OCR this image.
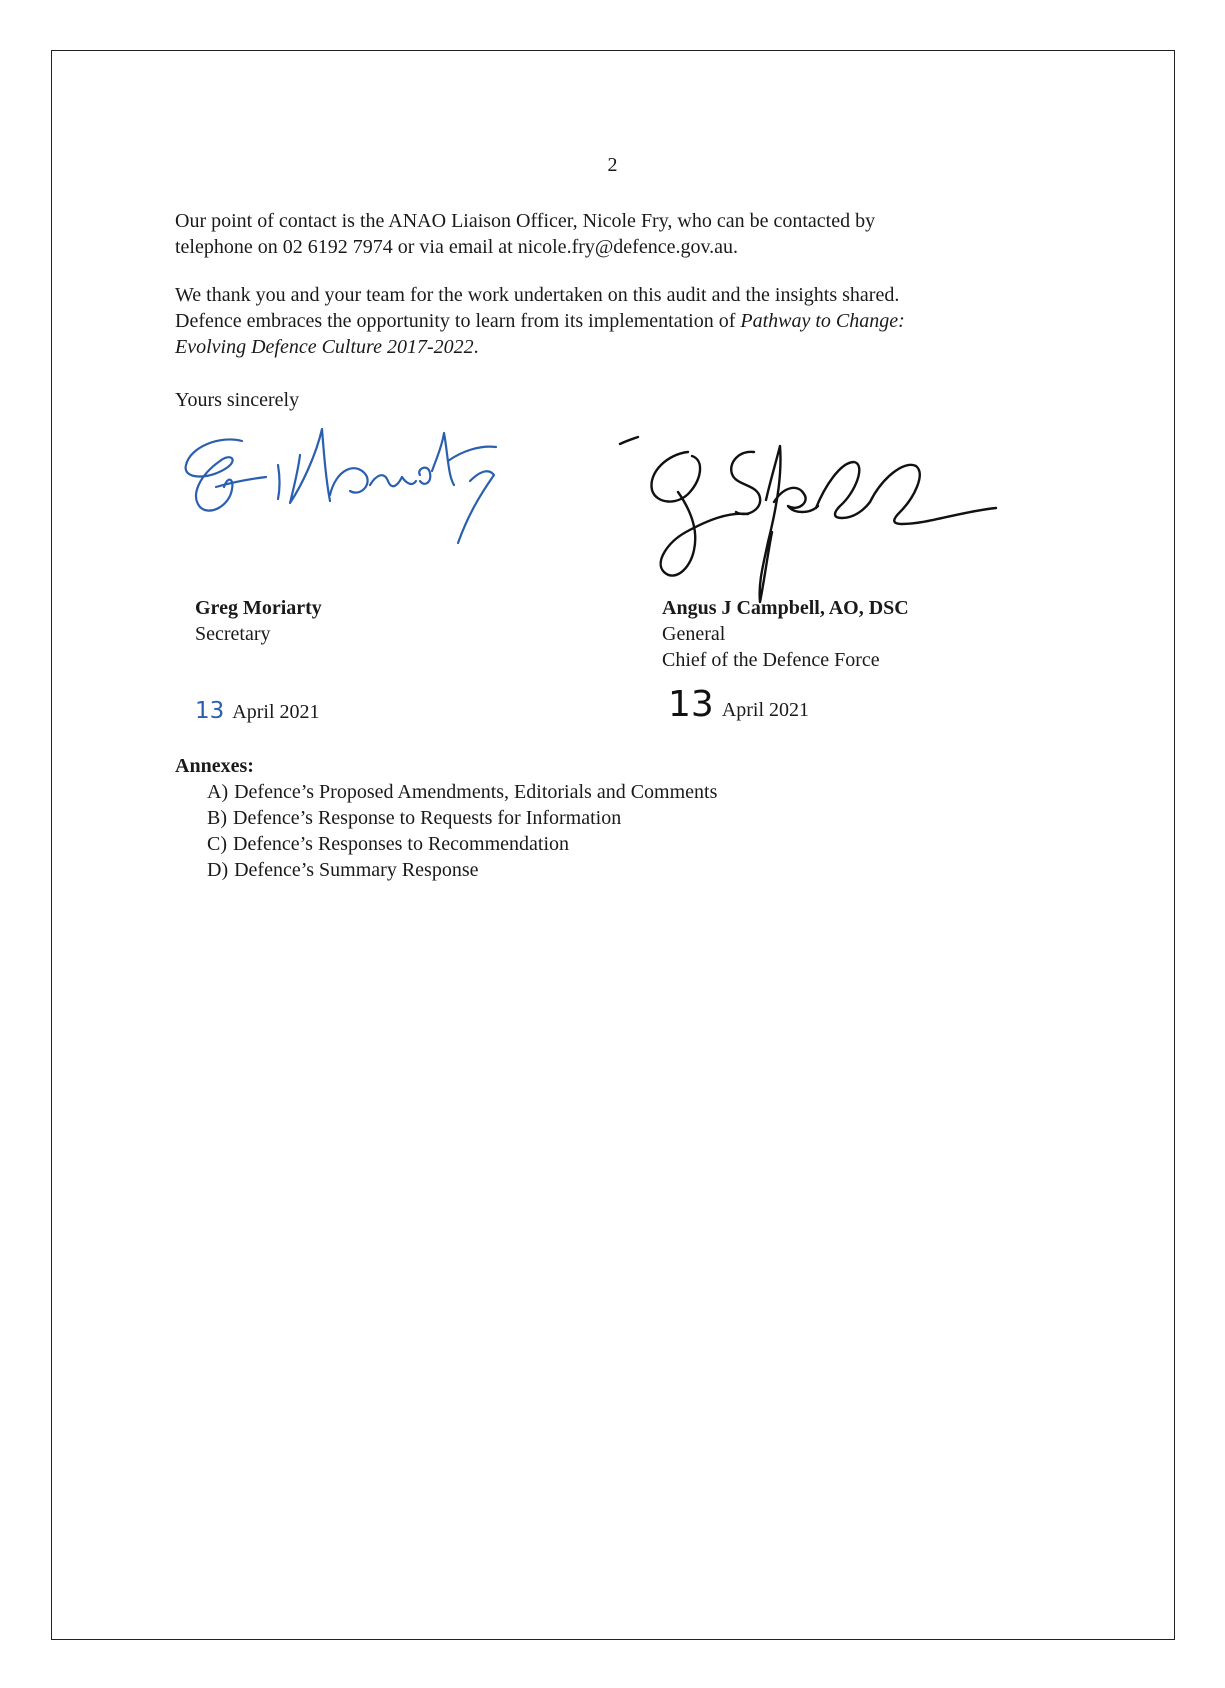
2

Our point of contact is the ANAO Liaison Officer, Nicole Fry, who can be contacted by
telephone on 02 6192 7974 or via email at nicole.fry@defence.gov.au.

We thank you and your team for the work undertaken on this audit and the insights shared.
Defence embraces the opportunity to learn from its implementation of Pathway to Change:
Evolving Defence Culture 2017-2022.

Yours sincerely

Greg Moriarty
Secretary
Angus J Campbell, AO, DSC
General
Chief of the Defence Force
13 April 2021	13 April 2021
Annexes:
A) Defence’s Proposed Amendments, Editorials and Comments
B) Defence’s Response to Requests for Information
C) Defence’s Responses to Recommendation
D) Defence’s Summary Response
